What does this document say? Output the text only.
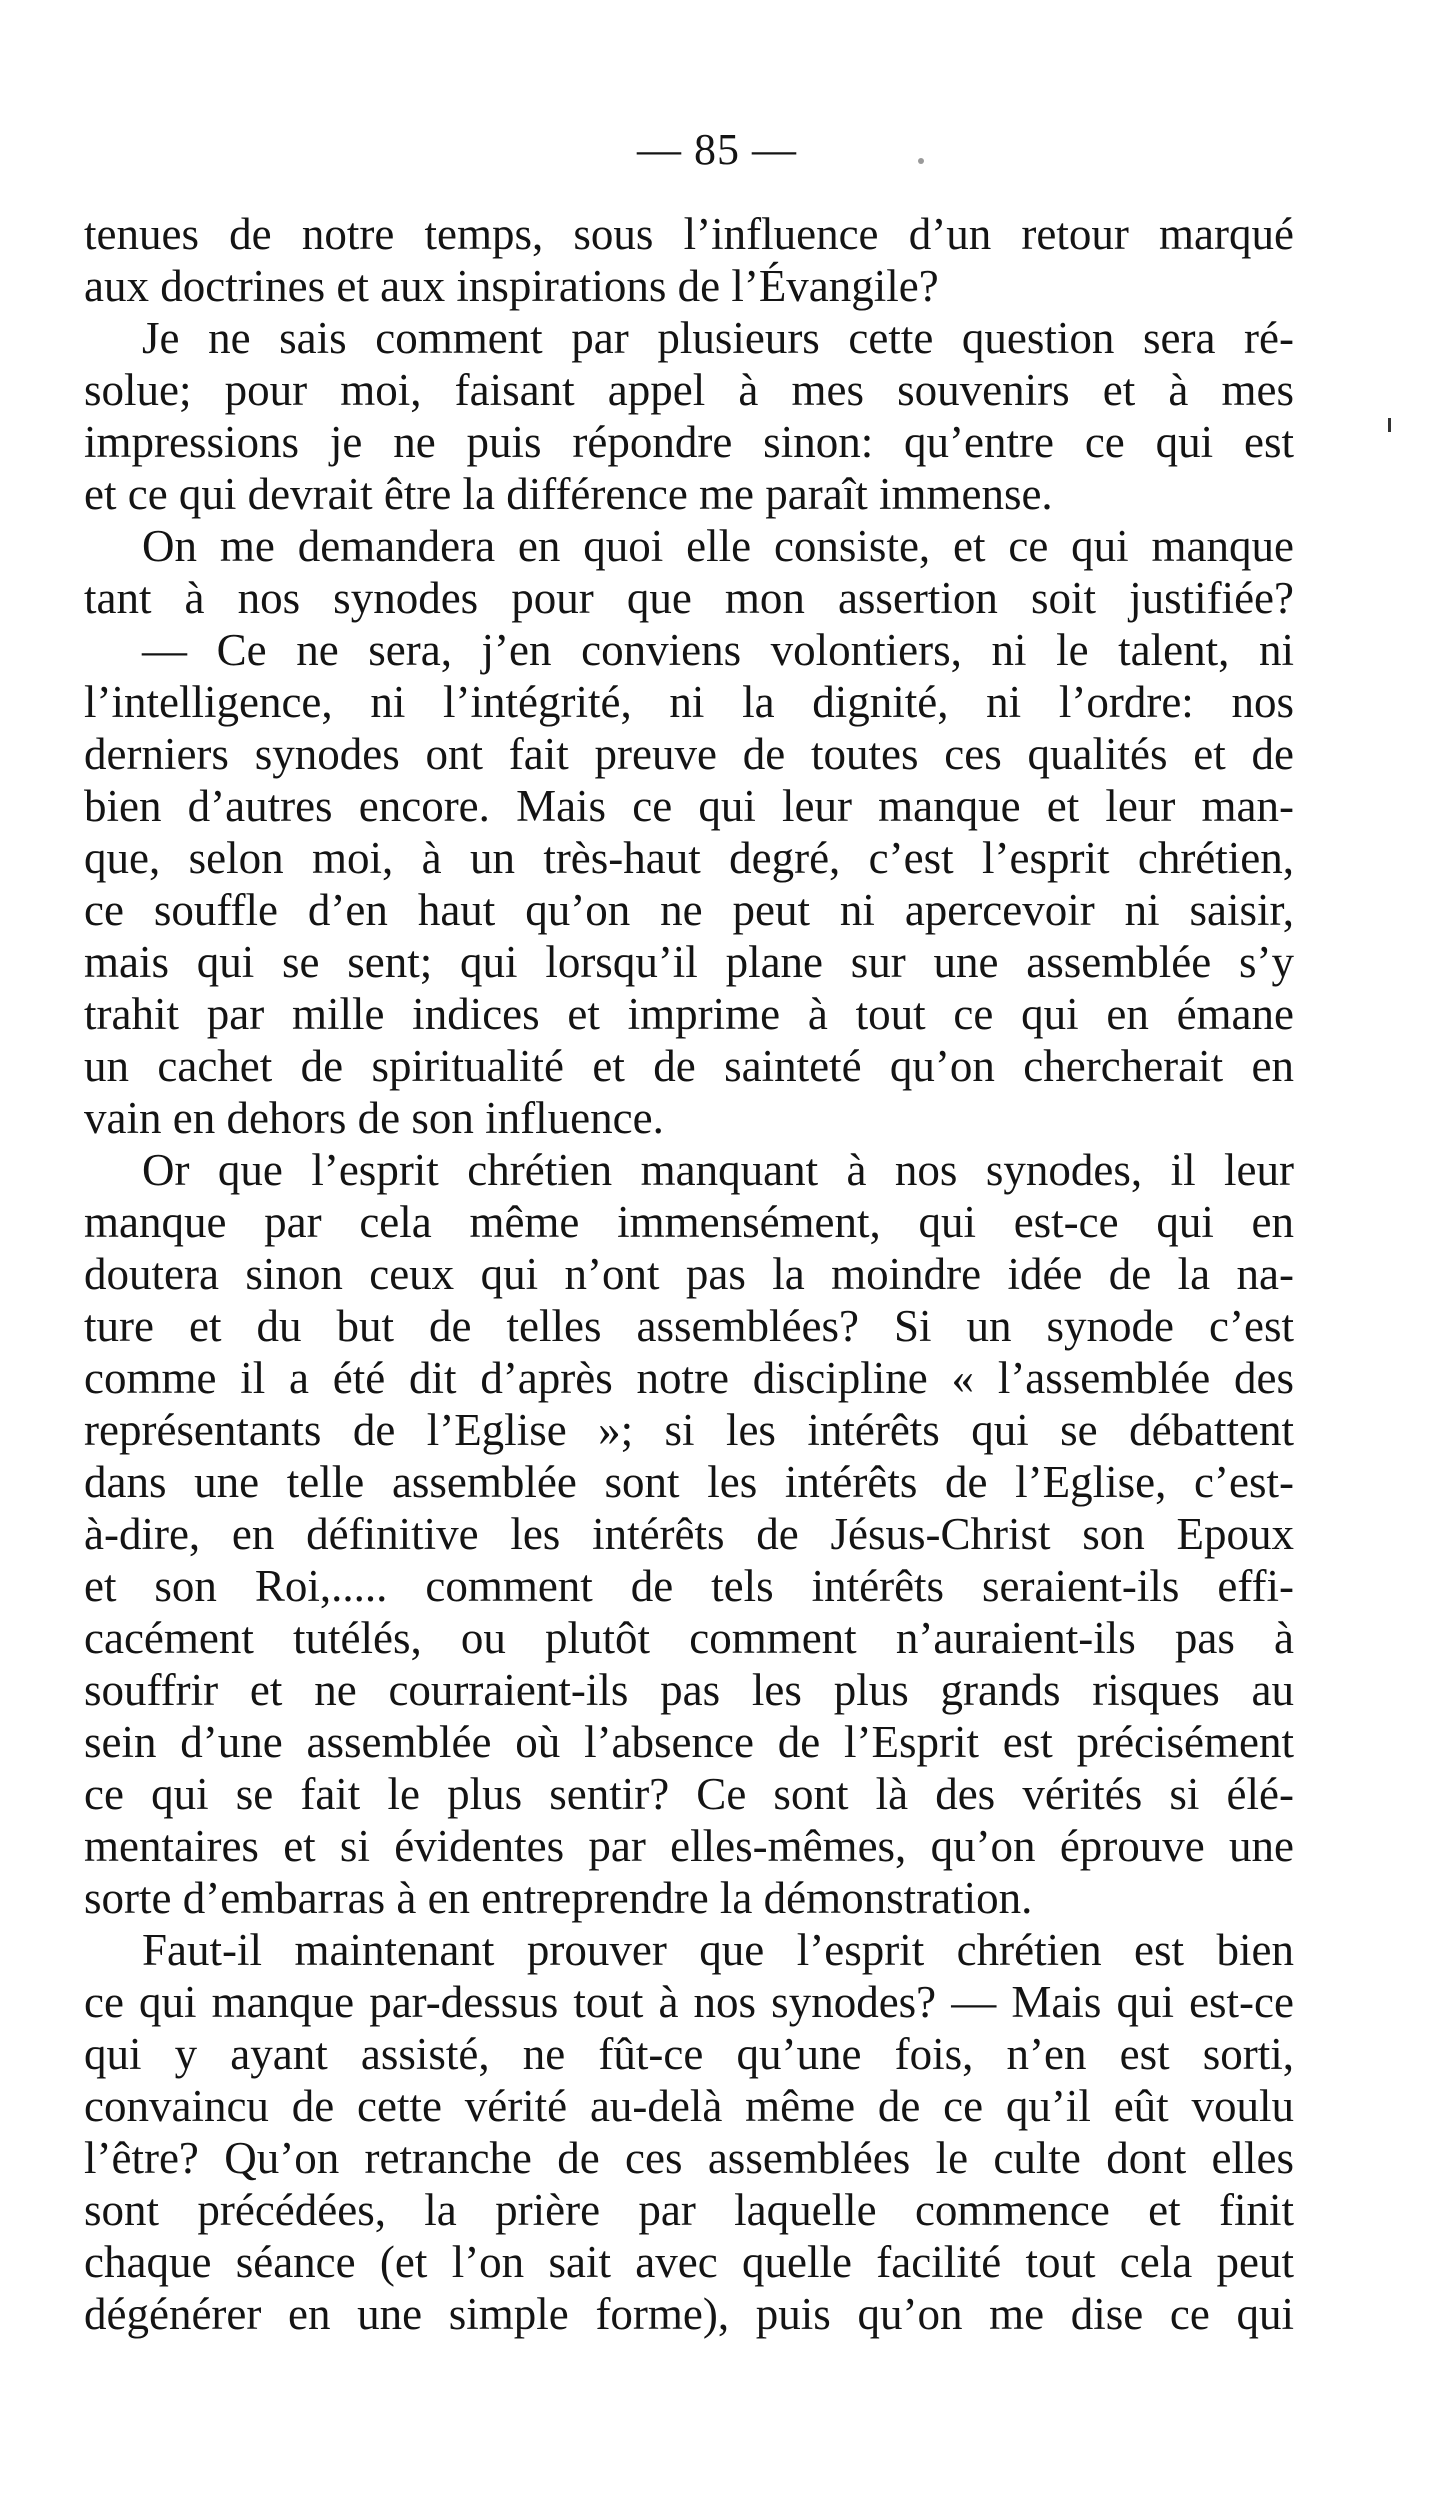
— 85 —
tenues de notre temps, sous l’influence d’un retour marqué
aux doctrines et aux inspirations de l’Évangile?
Je ne sais comment par plusieurs cette question sera ré-
solue; pour moi, faisant appel à mes souvenirs et à mes
impressions je ne puis répondre sinon: qu’entre ce qui est
et ce qui devrait être la différence me paraît immense.
On me demandera en quoi elle consiste, et ce qui manque
tant à nos synodes pour que mon assertion soit justifiée?
— Ce ne sera, j’en conviens volontiers, ni le talent, ni
l’intelligence, ni l’intégrité, ni la dignité, ni l’ordre: nos
derniers synodes ont fait preuve de toutes ces qualités et de
bien d’autres encore. Mais ce qui leur manque et leur man-
que, selon moi, à un très-haut degré, c’est l’esprit chrétien,
ce souffle d’en haut qu’on ne peut ni apercevoir ni saisir,
mais qui se sent; qui lorsqu’il plane sur une assemblée s’y
trahit par mille indices et imprime à tout ce qui en émane
un cachet de spiritualité et de sainteté qu’on chercherait en
vain en dehors de son influence.
Or que l’esprit chrétien manquant à nos synodes, il leur
manque par cela même immensément, qui est-ce qui en
doutera sinon ceux qui n’ont pas la moindre idée de la na-
ture et du but de telles assemblées? Si un synode c’est
comme il a été dit d’après notre discipline « l’assemblée des
représentants de l’Eglise »; si les intérêts qui se débattent
dans une telle assemblée sont les intérêts de l’Eglise, c’est-
à-dire, en définitive les intérêts de Jésus-Christ son Epoux
et son Roi,..... comment de tels intérêts seraient-ils effi-
cacément tutélés, ou plutôt comment n’auraient-ils pas à
souffrir et ne courraient-ils pas les plus grands risques au
sein d’une assemblée où l’absence de l’Esprit est précisément
ce qui se fait le plus sentir? Ce sont là des vérités si élé-
mentaires et si évidentes par elles-mêmes, qu’on éprouve une
sorte d’embarras à en entreprendre la démonstration.
Faut-il maintenant prouver que l’esprit chrétien est bien
ce qui manque par-dessus tout à nos synodes? — Mais qui est-ce
qui y ayant assisté, ne fût-ce qu’une fois, n’en est sorti,
convaincu de cette vérité au-delà même de ce qu’il eût voulu
l’être? Qu’on retranche de ces assemblées le culte dont elles
sont précédées, la prière par laquelle commence et finit
chaque séance (et l’on sait avec quelle facilité tout cela peut
dégénérer en une simple forme), puis qu’on me dise ce qui
